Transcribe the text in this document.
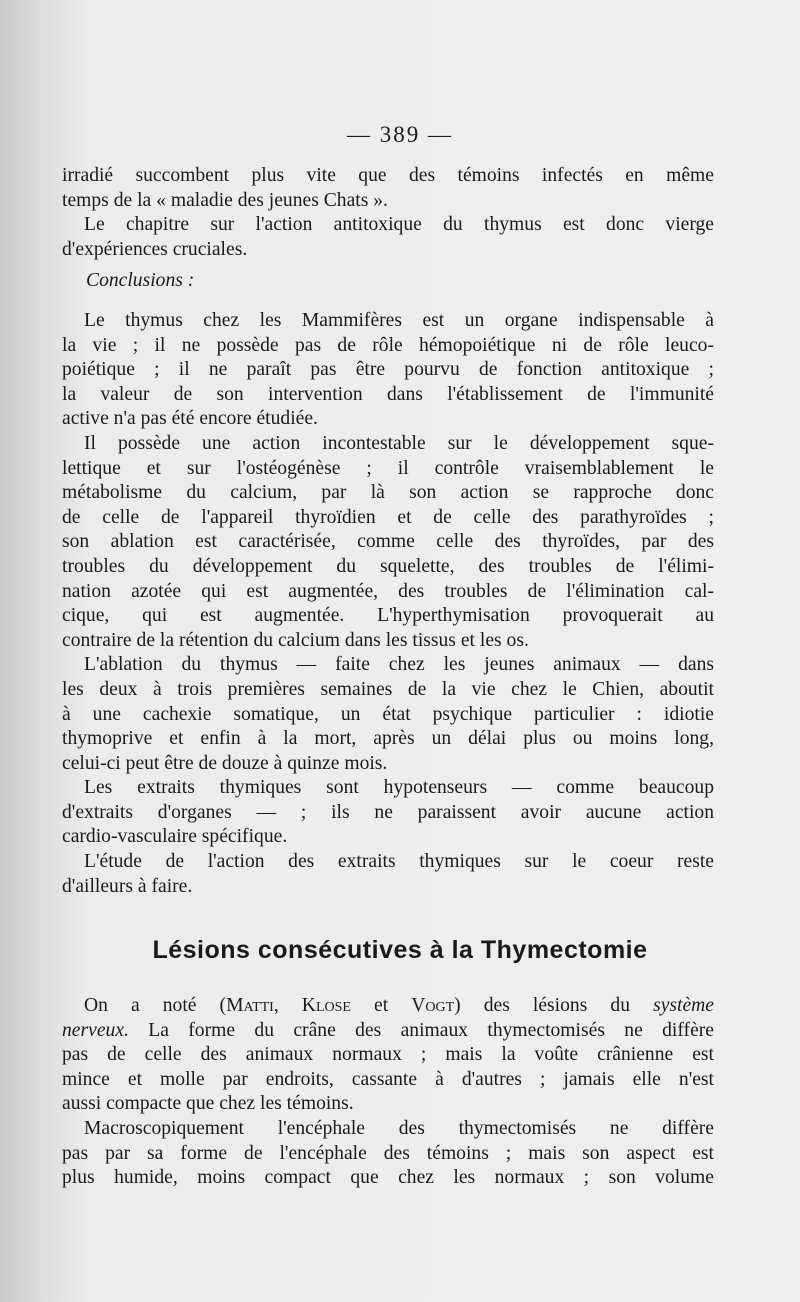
— 389 —
irradié succombent plus vite que des témoins infectés en même
temps de la « maladie des jeunes Chats ».
Le chapitre sur l'action antitoxique du thymus est donc vierge
d'expériences cruciales.
Conclusions :
Le thymus chez les Mammifères est un organe indispensable à
la vie ; il ne possède pas de rôle hémopoiétique ni de rôle leuco-
poiétique ; il ne paraît pas être pourvu de fonction antitoxique ;
la valeur de son intervention dans l'établissement de l'immunité
active n'a pas été encore étudiée.
Il possède une action incontestable sur le développement sque-
lettique et sur l'ostéogénèse ; il contrôle vraisemblablement le
métabolisme du calcium, par là son action se rapproche donc
de celle de l'appareil thyroïdien et de celle des parathyroïdes ;
son ablation est caractérisée, comme celle des thyroïdes, par des
troubles du développement du squelette, des troubles de l'élimi-
nation azotée qui est augmentée, des troubles de l'élimination cal-
cique, qui est augmentée. L'hyperthymisation provoquerait au
contraire de la rétention du calcium dans les tissus et les os.
L'ablation du thymus — faite chez les jeunes animaux — dans
les deux à trois premières semaines de la vie chez le Chien, aboutit
à une cachexie somatique, un état psychique particulier : idiotie
thymoprive et enfin à la mort, après un délai plus ou moins long,
celui-ci peut être de douze à quinze mois.
Les extraits thymiques sont hypotenseurs — comme beaucoup
d'extraits d'organes — ; ils ne paraissent avoir aucune action
cardio-vasculaire spécifique.
L'étude de l'action des extraits thymiques sur le coeur reste
d'ailleurs à faire.
Lésions consécutives à la Thymectomie
On a noté (Matti, Klose et Vogt) des lésions du système
nerveux. La forme du crâne des animaux thymectomisés ne diffère
pas de celle des animaux normaux ; mais la voûte crânienne est
mince et molle par endroits, cassante à d'autres ; jamais elle n'est
aussi compacte que chez les témoins.
Macroscopiquement l'encéphale des thymectomisés ne diffère
pas par sa forme de l'encéphale des témoins ; mais son aspect est
plus humide, moins compact que chez les normaux ; son volume
